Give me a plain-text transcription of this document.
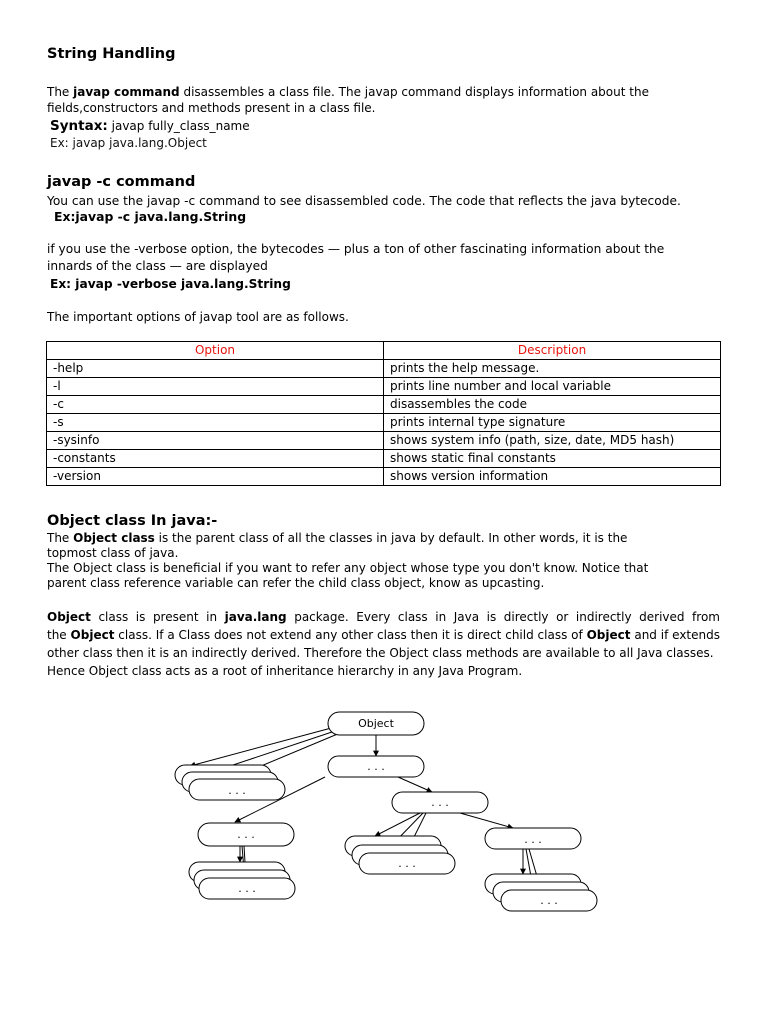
String Handling
The javap command disassembles a class file. The javap command displays information about the
fields,constructors and methods present in a class file.
Syntax: javap fully_class_name
Ex: javap java.lang.Object
javap -c command
You can use the javap -c command to see disassembled code. The code that reflects the java bytecode.
Ex:javap -c java.lang.String
if you use the -verbose option, the bytecodes — plus a ton of other fascinating information about the
innards of the class — are displayed
Ex: javap -verbose java.lang.String
The important options of javap tool are as follows.
Option	Description
-help	prints the help message.
-l	prints line number and local variable
-c	disassembles the code
-s	prints internal type signature
-sysinfo	shows system info (path, size, date, MD5 hash)
-constants	shows static final constants
-version	shows version information
Object class In java:-
The Object class is the parent class of all the classes in java by default. In other words, it is the
topmost class of java.
The Object class is beneficial if you want to refer any object whose type you don't know. Notice that
parent class reference variable can refer the child class object, know as upcasting.
Object class is present in java.lang package. Every class in Java is directly or indirectly derived from
the Object class. If a Class does not extend any other class then it is direct child class of Object and if extends
other class then it is an indirectly derived. Therefore the Object class methods are available to all Java classes.
Hence Object class acts as a root of inheritance hierarchy in any Java Program.
Object
. . .
. . .
. . .
. . .	. . .
. . .
. . .
. . .
